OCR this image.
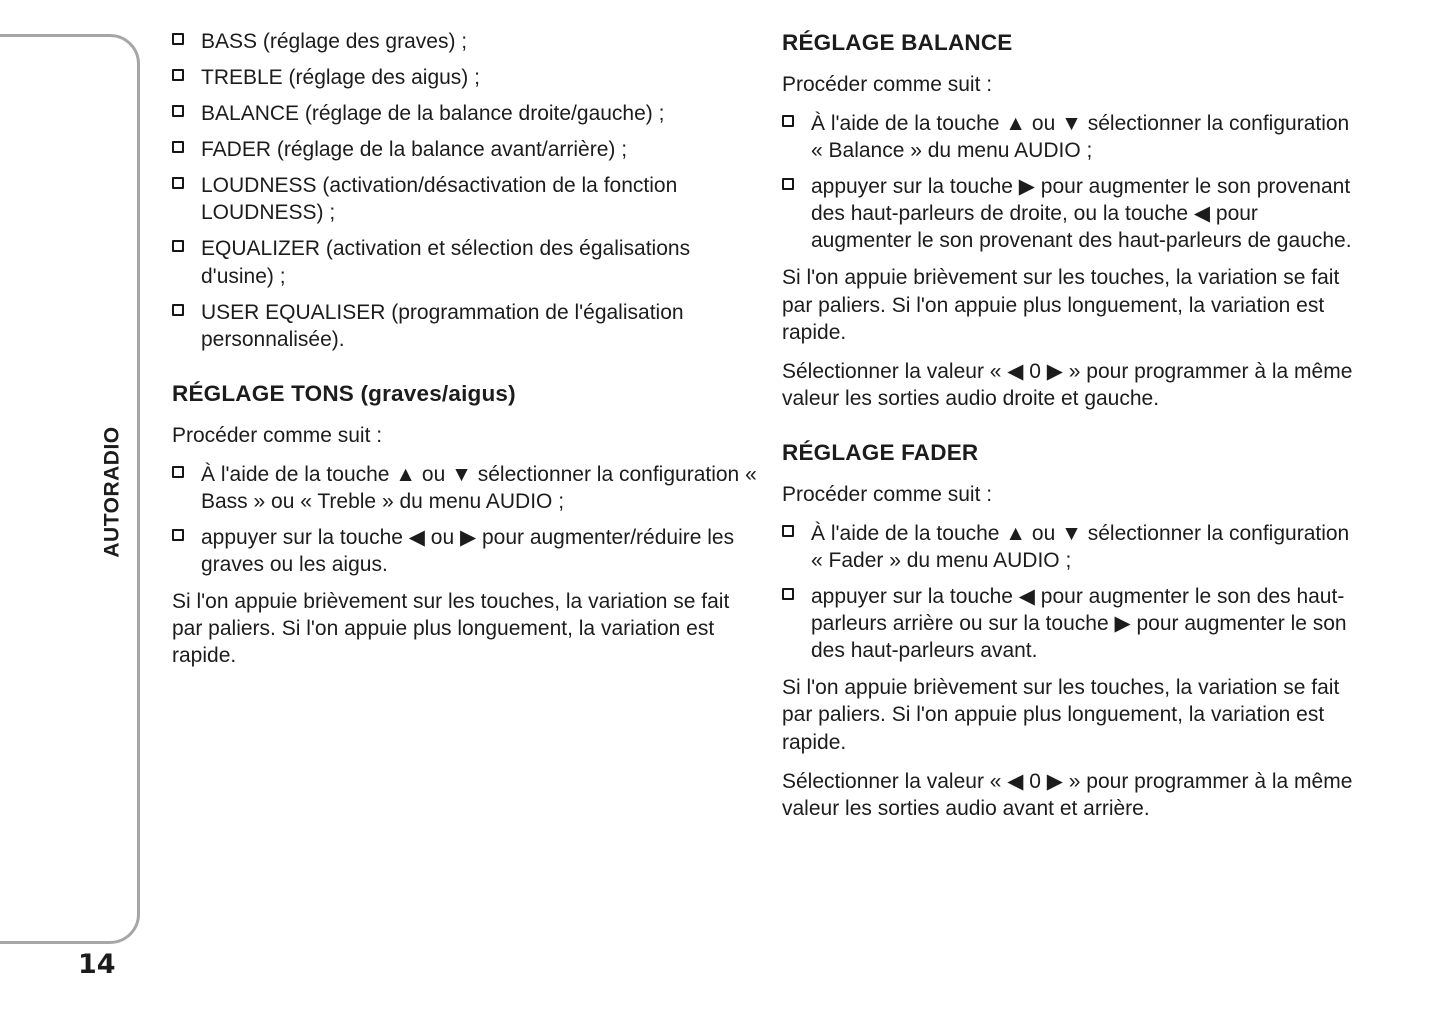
AUTORADIO
14
BASS (réglage des graves) ;
TREBLE (réglage des aigus) ;
BALANCE (réglage de la balance droite/gauche) ;
FADER (réglage de la balance avant/arrière) ;
LOUDNESS (activation/désactivation de la fonction LOUDNESS) ;
EQUALIZER (activation et sélection des égalisations d'usine) ;
USER EQUALISER (programmation de l'égalisation personnalisée).
RÉGLAGE TONS (graves/aigus)

Procéder comme suit :

À l'aide de la touche ▲ ou ▼ sélectionner la configuration « Bass » ou « Treble » du menu AUDIO ;
appuyer sur la touche ◀ ou ▶ pour augmenter/réduire les graves ou les aigus.

Si l'on appuie brièvement sur les touches, la variation se fait par paliers. Si l'on appuie plus longuement, la variation est rapide.

RÉGLAGE BALANCE

Procéder comme suit :

À l'aide de la touche ▲ ou ▼ sélectionner la configuration « Balance » du menu AUDIO ;
appuyer sur la touche ▶ pour augmenter le son provenant des haut-parleurs de droite, ou la touche ◀ pour augmenter le son provenant des haut-parleurs de gauche.

Si l'on appuie brièvement sur les touches, la variation se fait par paliers. Si l'on appuie plus longuement, la variation est rapide.

Sélectionner la valeur « ◀ 0 ▶ » pour programmer à la même valeur les sorties audio droite et gauche.

RÉGLAGE FADER

Procéder comme suit :

À l'aide de la touche ▲ ou ▼ sélectionner la configuration « Fader » du menu AUDIO ;
appuyer sur la touche ◀ pour augmenter le son des haut-parleurs arrière ou sur la touche ▶ pour augmenter le son des haut-parleurs avant.

Si l'on appuie brièvement sur les touches, la variation se fait par paliers. Si l'on appuie plus longuement, la variation est rapide.

Sélectionner la valeur « ◀ 0 ▶ » pour programmer à la même valeur les sorties audio avant et arrière.
